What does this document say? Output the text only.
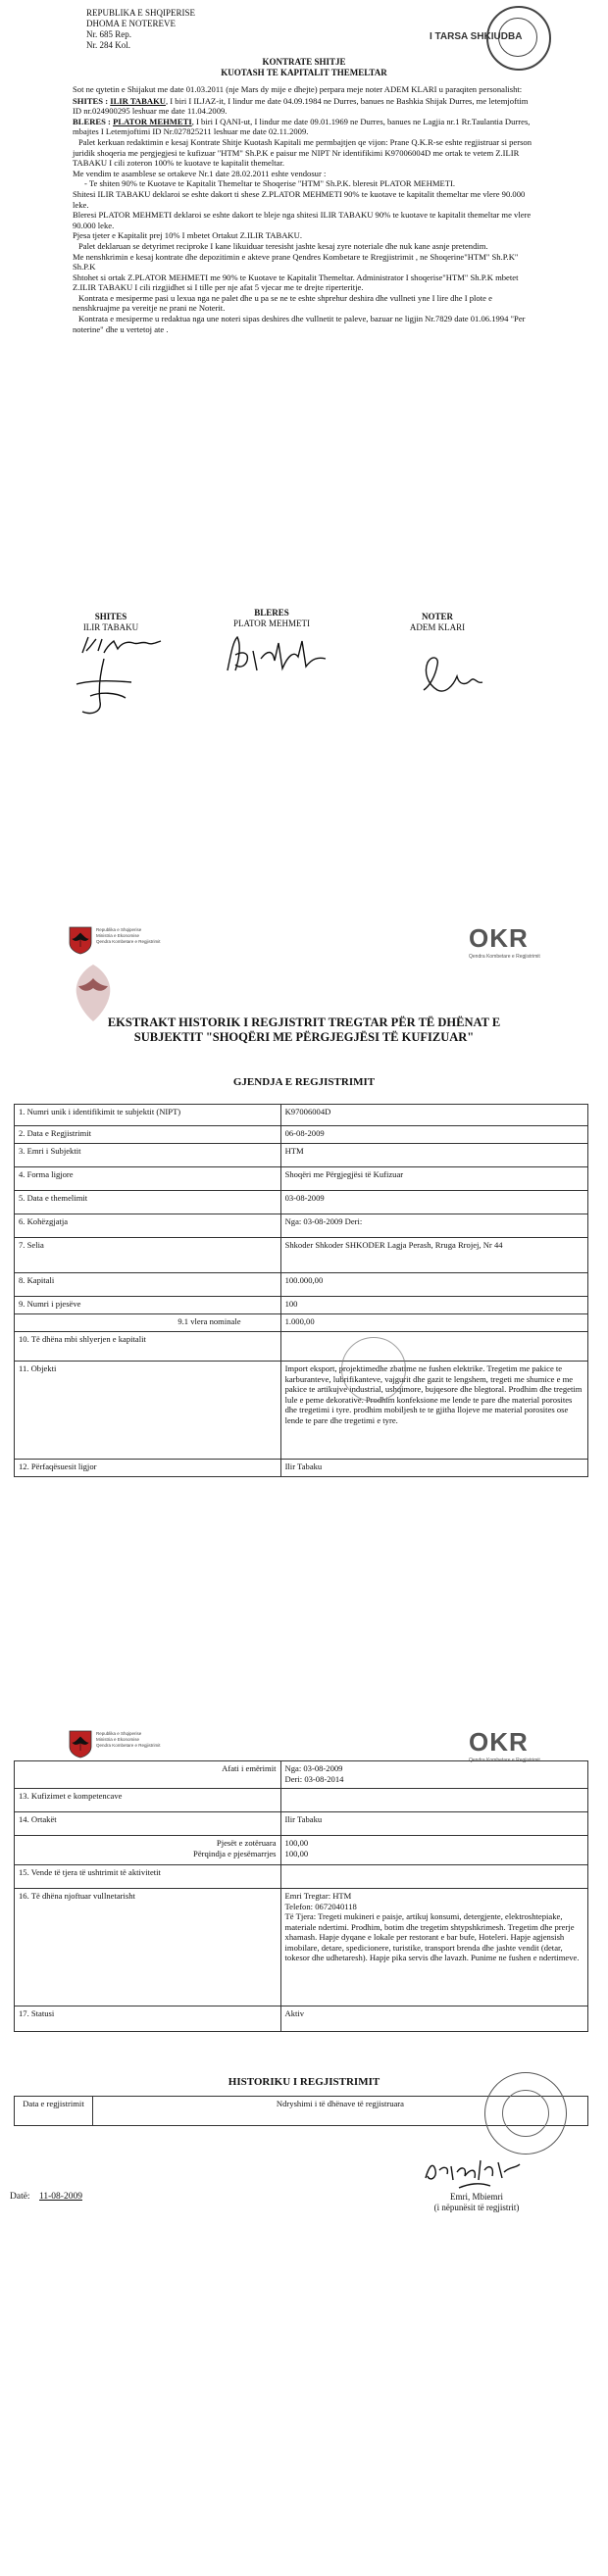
REPUBLIKA E SHQIPERISE
DHOMA E NOTEREVE
Nr. 685 Rep.
Nr. 284 Kol.
I TARSA SHKIUDBA
KONTRATE SHITJE
KUOTASH TE KAPITALIT THEMELTAR

Sot ne qytetin e Shijakut me date 01.03.2011 (nje Mars dy mije e dhejte) perpara meje noter ADEM KLARI u paraqiten personalisht:

SHITES : ILIR TABAKU, I biri I ILJAZ-it, I lindur me date 04.09.1984 ne Durres, banues ne Bashkia Shijak Durres, me letemjoftim ID nr.024900295 leshuar me date 11.04.2009.

BLERES : PLATOR MEHMETI, I biri I QANI-ut, I lindur me date 09.01.1969 ne Durres, banues ne Lagjia nr.1 Rr.Taulantia Durres, mbajtes I Letemjoftimi ID Nr.027825211 leshuar me date 02.11.2009.

Palet kerkuan redaktimin e kesaj Kontrate Shitje Kuotash Kapitali me permbajtjen qe vijon: Prane Q.K.R-se eshte regjistruar si person juridik shoqeria me pergjegjesi te kufizuar "HTM" Sh.P.K e paisur me NIPT Nr identifikimi K97006004D me ortak te vetem Z.ILIR TABAKU I cili zoteron 100% te kuotave te kapitalit themeltar.

Me vendim te asamblese se ortakeve Nr.1 date 28.02.2011 eshte vendosur :

- Te shiten 90% te Kuotave te Kapitalit Themeltar te Shoqerise "HTM" Sh.P.K. bleresit PLATOR MEHMETI.

Shitesi ILIR TABAKU deklaroi se eshte dakort ti shese Z.PLATOR MEHMETI 90% te kuotave te kapitalit themeltar me vlere 90.000 leke.

Bleresi PLATOR MEHMETI deklaroi se eshte dakort te bleje nga shitesi ILIR TABAKU 90% te kuotave te kapitalit themeltar me vlere 90.000 leke.

Pjesa tjeter e Kapitalit prej 10% I mbetet Ortakut Z.ILIR TABAKU.

Palet deklaruan se detyrimet reciproke I kane likuiduar teresisht jashte kesaj zyre noteriale dhe nuk kane asnje pretendim.

Me nenshkrimin e kesaj kontrate dhe depozitimin e akteve prane Qendres Kombetare te Rregjistrimit , ne Shoqerine"HTM" Sh.P.K" Sh.P.K

Shtohet si ortak Z.PLATOR MEHMETI me 90% te Kuotave te Kapitalit Themeltar. Administrator I shoqerise"HTM" Sh.P.K mbetet Z.ILIR TABAKU I cili rizgjidhet si I tille per nje afat 5 vjecar me te drejte riperteritje.

Kontrata e mesiperme pasi u lexua nga ne palet dhe u pa se ne te eshte shprehur deshira dhe vullneti yne I lire dhe I plote e nenshkruajme pa vereitje ne prani ne Noterit.

Kontrata e mesiperme u redaktua nga une noteri sipas deshires dhe vullnetit te paleve, bazuar ne ligjin Nr.7829 date 01.06.1994 "Per noterine" dhe u vertetoj ate .

SHITES
ILIR TABAKU
BLERES
PLATOR MEHMETI
NOTER
ADEM KLARI
Republika e Shqiperise
Ministria e Ekonomise
Qendra Kombetare e Regjistrimit	OKR
Qendra Kombetare e Regjistrimit
EKSTRAKT HISTORIK I REGJISTRIT TREGTAR PËR TË DHËNAT E
SUBJEKTIT "SHOQËRI ME PËRGJEGJËSI TË KUFIZUAR"
GJENDJA E REGJISTRIMIT
1. Numri unik i identifikimit te subjektit (NIPT)	K97006004D
2. Data e Regjistrimit	06-08-2009
3. Emri i Subjektit	HTM
4. Forma ligjore	Shoqëri me Përgjegjësi të Kufizuar
5. Data e themelimit	03-08-2009
6. Kohëzgjatja	Nga: 03-08-2009 Deri:
7. Selia	Shkoder Shkoder SHKODER Lagja Perash, Rruga Rrojej, Nr 44
8. Kapitali	100.000,00
9. Numri i pjesëve	100
9.1 vlera nominale	1.000,00
10. Të dhëna mbi shlyerjen e kapitalit	
11. Objekti	Import eksport, projektimedhe zbatime ne fushen elektrike. Tregetim me pakice te karburanteve, lubrifikanteve, vajgurit dhe gazit te lengshem, tregeti me shumice e me pakice te artikujve industrial, ushqimore, bujqesore dhe blegtoral. Prodhim dhe tregetim lule e peme dekorative. Prodhim konfeksione me lende te pare dhe material porosites dhe tregetimi i tyre. prodhim mobiljesh te te gjitha llojeve me material porosites ose lende te pare dhe tregetimi e tyre.
12. Përfaqësuesit ligjor	Ilir Tabaku
Republika e Shqiperise
Ministria e Ekonomise
Qendra Kombetare e Regjistrimit	OKR
Qendra Kombetare e Regjistrimit
Afati i emërimit	Nga: 03-08-2009
Deri: 03-08-2014
13. Kufizimet e kompetencave	
14. Ortakët	Ilir Tabaku
Pjesët e zotëruara
Përqindja e pjesëmarrjes	100,00
100,00
15. Vende të tjera të ushtrimit të aktivitetit	
16. Të dhëna njoftuar vullnetarisht	Emri Tregtar: HTM
Telefon: 0672040118
Të Tjera: Tregeti mukineri e paisje, artikuj konsumi, detergjente, elektroshtepiake, materiale ndertimi. Prodhim, botim dhe tregetim shtypshkrimesh. Tregetim dhe prerje xhamash. Hapje dyqane e lokale per restorant e bar bufe, Hoteleri. Hapje agjensish imobilare, detare, spedicionere, turistike, transport brenda dhe jashte vendit (detar, tokesor dhe udhetaresh). Hapje pika servis dhe lavazh. Punime ne fushen e ndertimeve.
17. Statusi	Aktiv
HISTORIKU I REGJISTRIMIT
Data e regjistrimit	Ndryshimi i të dhënave të regjistruara
Datë: 11-08-2009	Emri, Mbiemri
(i nëpunësit të regjistrit)
